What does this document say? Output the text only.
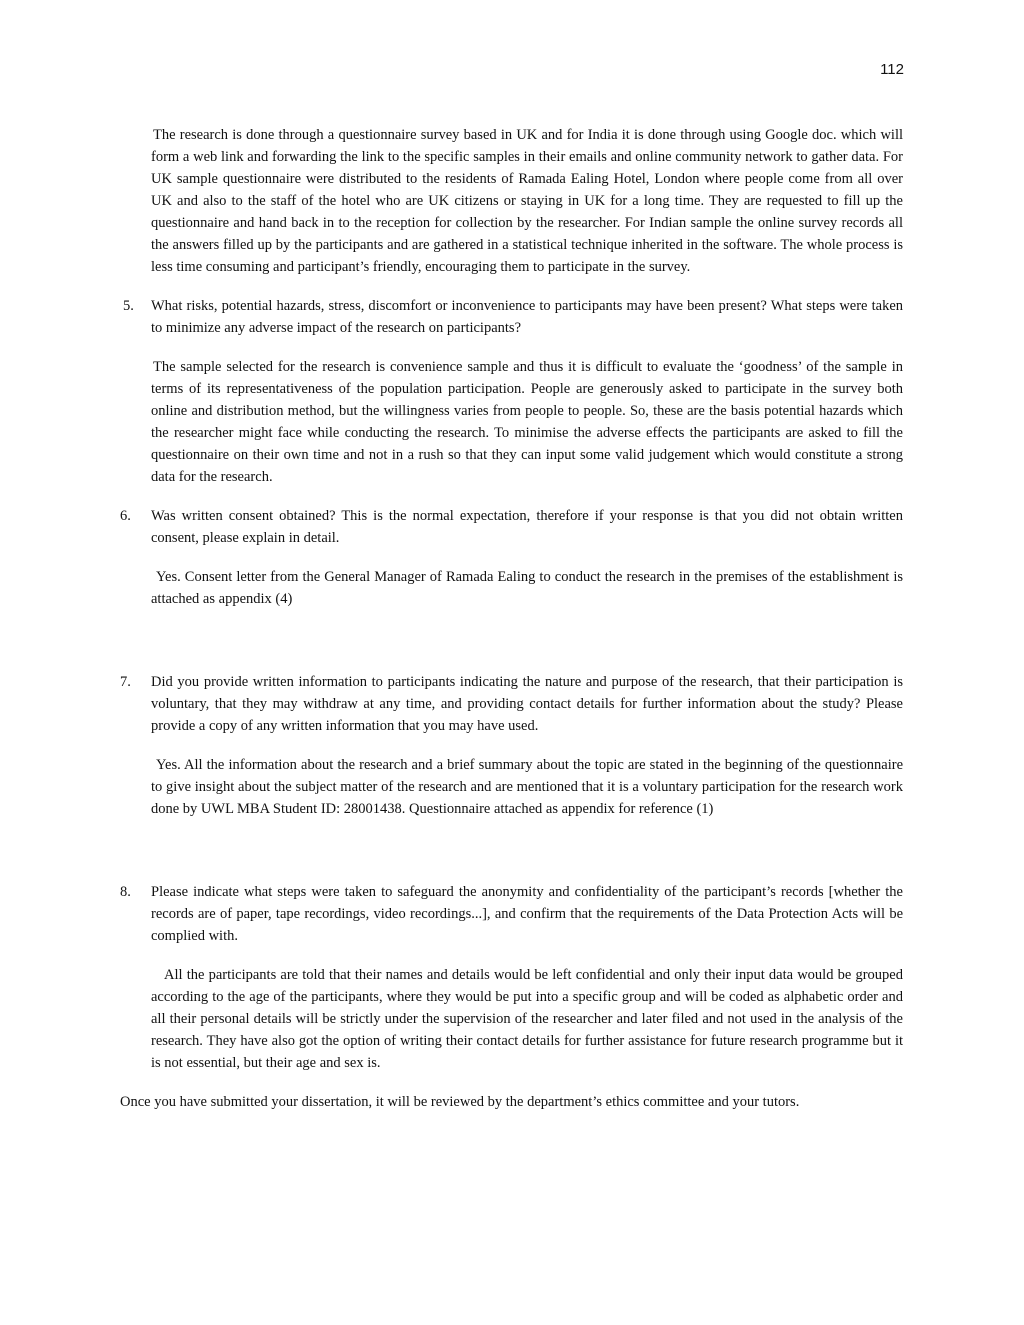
112

The research is done through a questionnaire survey based in UK and for India it is done through using Google doc. which will form a web link and forwarding the link to the specific samples in their emails and online community network to gather data. For UK sample questionnaire were distributed to the residents of Ramada Ealing Hotel, London where people come from all over UK and also to the staff of the hotel who are UK citizens or staying in UK for a long time. They are requested to fill up the questionnaire and hand back in to the reception for collection by the researcher. For Indian sample the online survey records all the answers filled up by the participants and are gathered in a statistical technique inherited in the software. The whole process is less time consuming and participant’s friendly, encouraging them to participate in the survey.

5.	What risks, potential hazards, stress, discomfort or inconvenience to participants may have been present? What steps were taken to minimize any adverse impact of the research on participants?

The sample selected for the research is convenience sample and thus it is difficult to evaluate the ‘goodness’ of the sample in terms of its representativeness of the population participation. People are generously asked to participate in the survey both online and distribution method, but the willingness varies from people to people. So, these are the basis potential hazards which the researcher might face while conducting the research. To minimise the adverse effects the participants are asked to fill the questionnaire on their own time and not in a rush so that they can input some valid judgement which would constitute a strong data for the research.

6.	Was written consent obtained? This is the normal expectation, therefore if your response is that you did not obtain written consent, please explain in detail.

Yes. Consent letter from the General Manager of Ramada Ealing to conduct the research in the premises of the establishment is attached as appendix (4)

7.	Did you provide written information to participants indicating the nature and purpose of the research, that their participation is voluntary, that they may withdraw at any time, and providing contact details for further information about the study? Please provide a copy of any written information that you may have used.

Yes. All the information about the research and a brief summary about the topic are stated in the beginning of the questionnaire to give insight about the subject matter of the research and are mentioned that it is a voluntary participation for the research work done by UWL MBA Student ID: 28001438. Questionnaire attached as appendix for reference (1)

8.	Please indicate what steps were taken to safeguard the anonymity and confidentiality of the participant’s records [whether the records are of paper, tape recordings, video recordings...], and confirm that the requirements of the Data Protection Acts will be complied with.

All the participants are told that their names and details would be left confidential and only their input data would be grouped according to the age of the participants, where they would be put into a specific group and will be coded as alphabetic order and all their personal details will be strictly under the supervision of the researcher and later filed and not used in the analysis of the research. They have also got the option of writing their contact details for further assistance for future research programme but it is not essential, but their age and sex is.

Once you have submitted your dissertation, it will be reviewed by the department’s ethics committee and your tutors.
